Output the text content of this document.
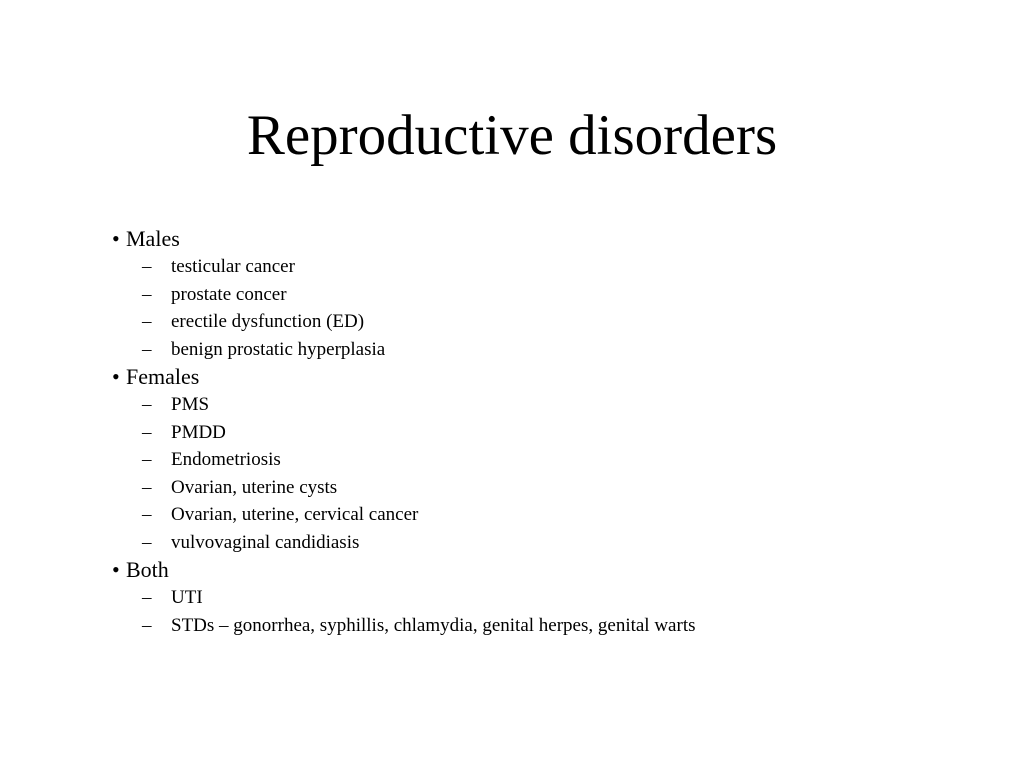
Reproductive disorders
• Males
– testicular cancer
– prostate concer
– erectile dysfunction (ED)
– benign prostatic hyperplasia
• Females
– PMS
– PMDD
– Endometriosis
– Ovarian, uterine cysts
– Ovarian, uterine, cervical cancer
– vulvovaginal candidiasis
• Both
– UTI
– STDs – gonorrhea, syphillis, chlamydia, genital herpes, genital warts
